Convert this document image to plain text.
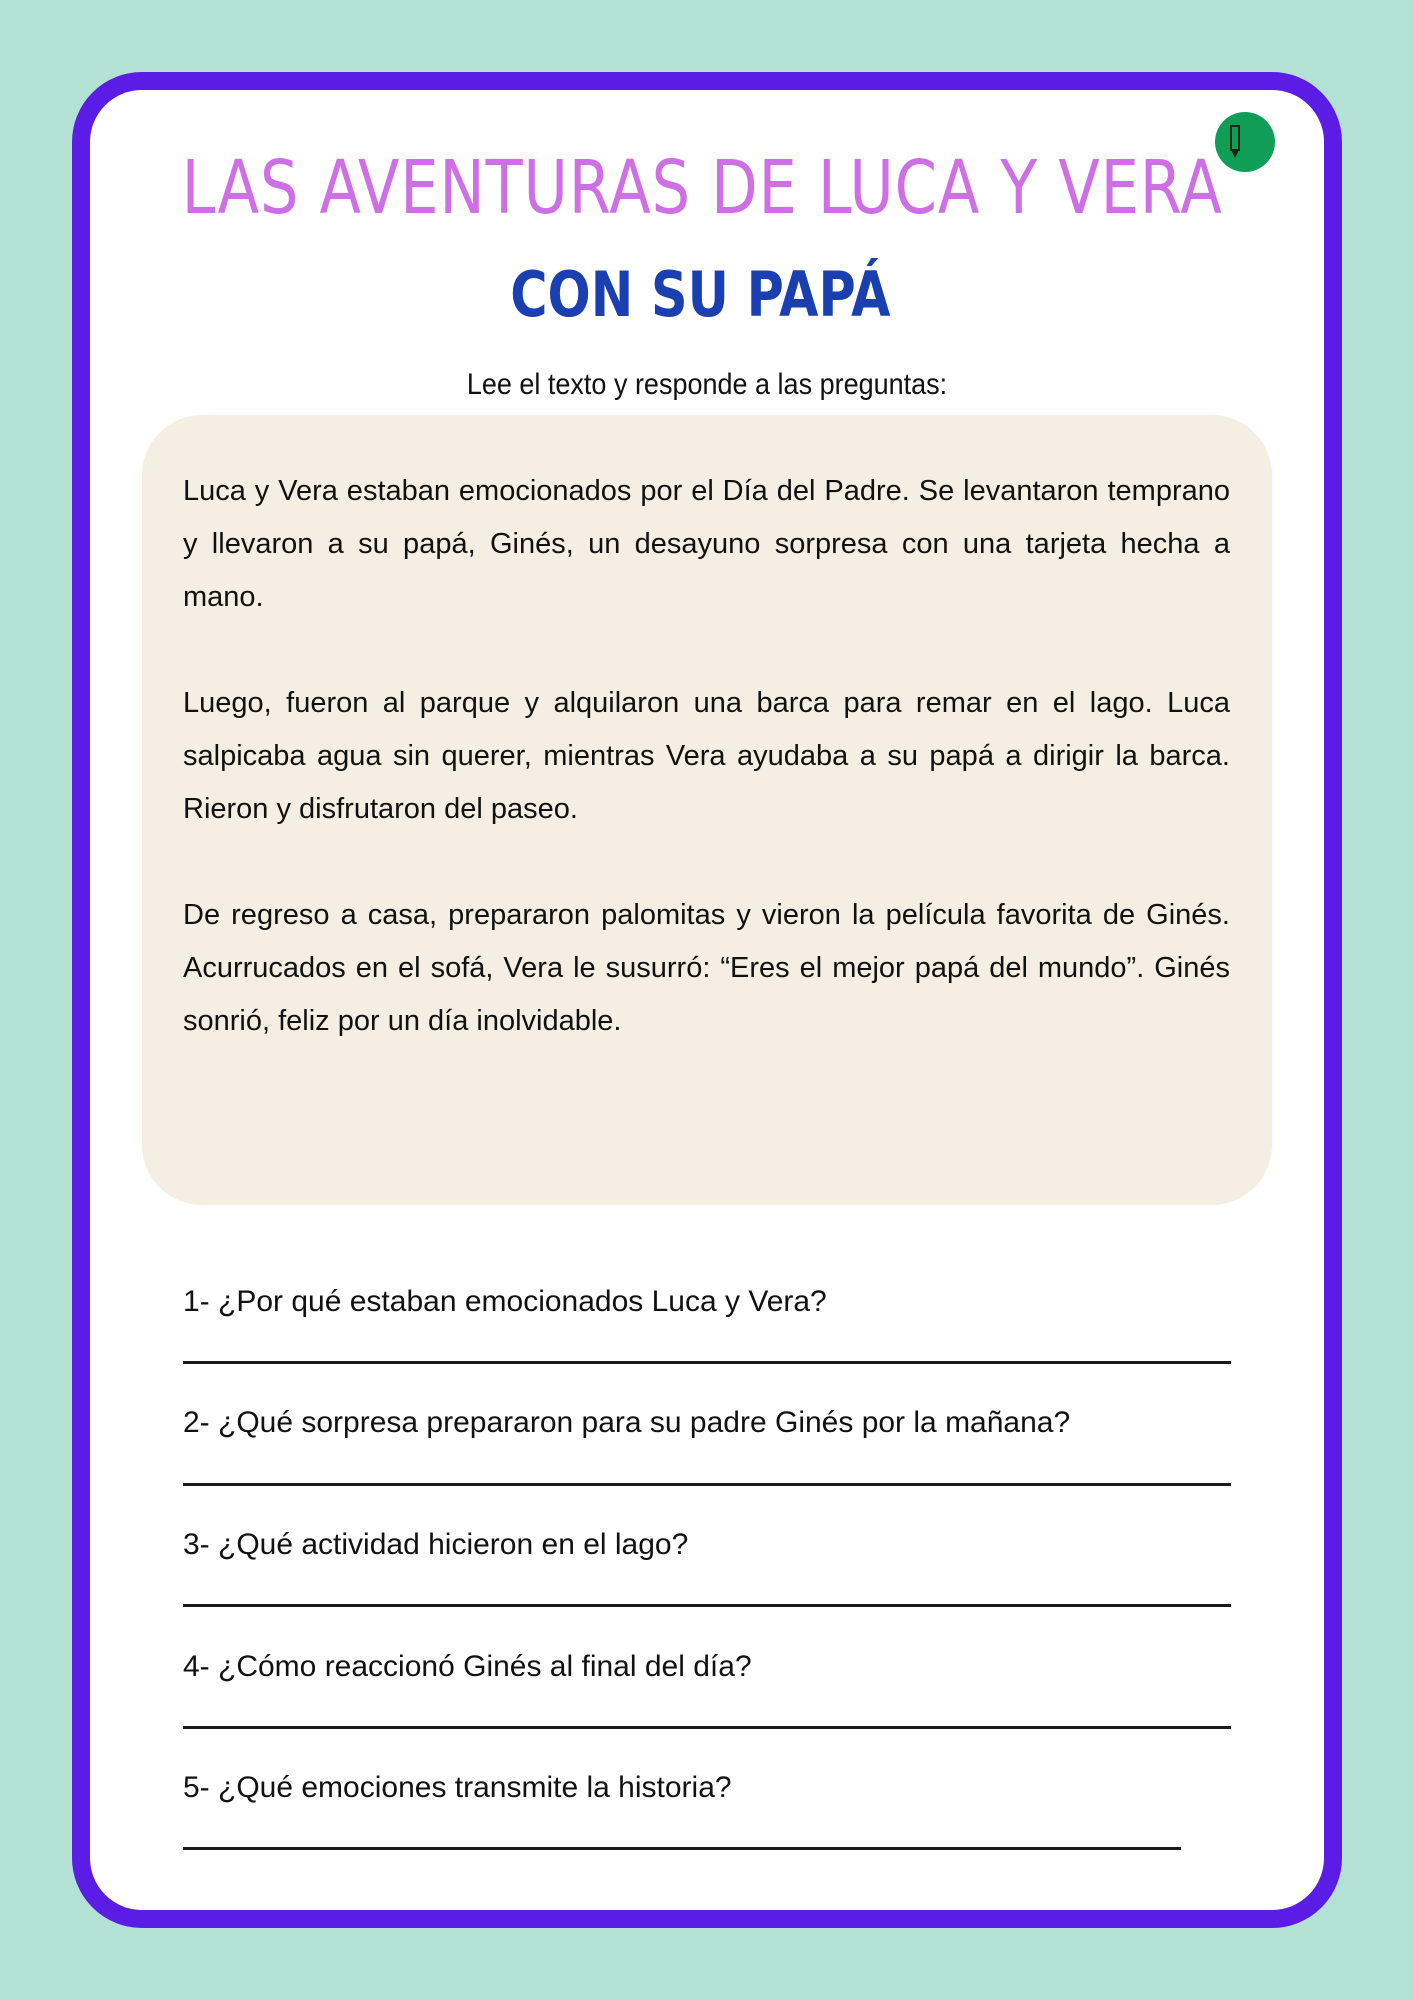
LAS AVENTURAS DE LUCA Y VERA
CON SU PAPÁ
Lee el texto y responde a las preguntas:

Luca y Vera estaban emocionados por el Día del Padre. Se levantaron temprano y llevaron a su papá, Ginés, un desayuno sorpresa con una tarjeta hecha a mano.

Luego, fueron al parque y alquilaron una barca para remar en el lago. Luca salpicaba agua sin querer, mientras Vera ayudaba a su papá a dirigir la barca. Rieron y disfrutaron del paseo.

De regreso a casa, prepararon palomitas y vieron la película favorita de Ginés. Acurrucados en el sofá, Vera le susurró: “Eres el mejor papá del mundo”. Ginés sonrió, feliz por un día inolvidable.

1- ¿Por qué estaban emocionados Luca y Vera?
2- ¿Qué sorpresa prepararon para su padre Ginés por la mañana?
3- ¿Qué actividad hicieron en el lago?
4- ¿Cómo reaccionó Ginés al final del día?
5- ¿Qué emociones transmite la historia?
